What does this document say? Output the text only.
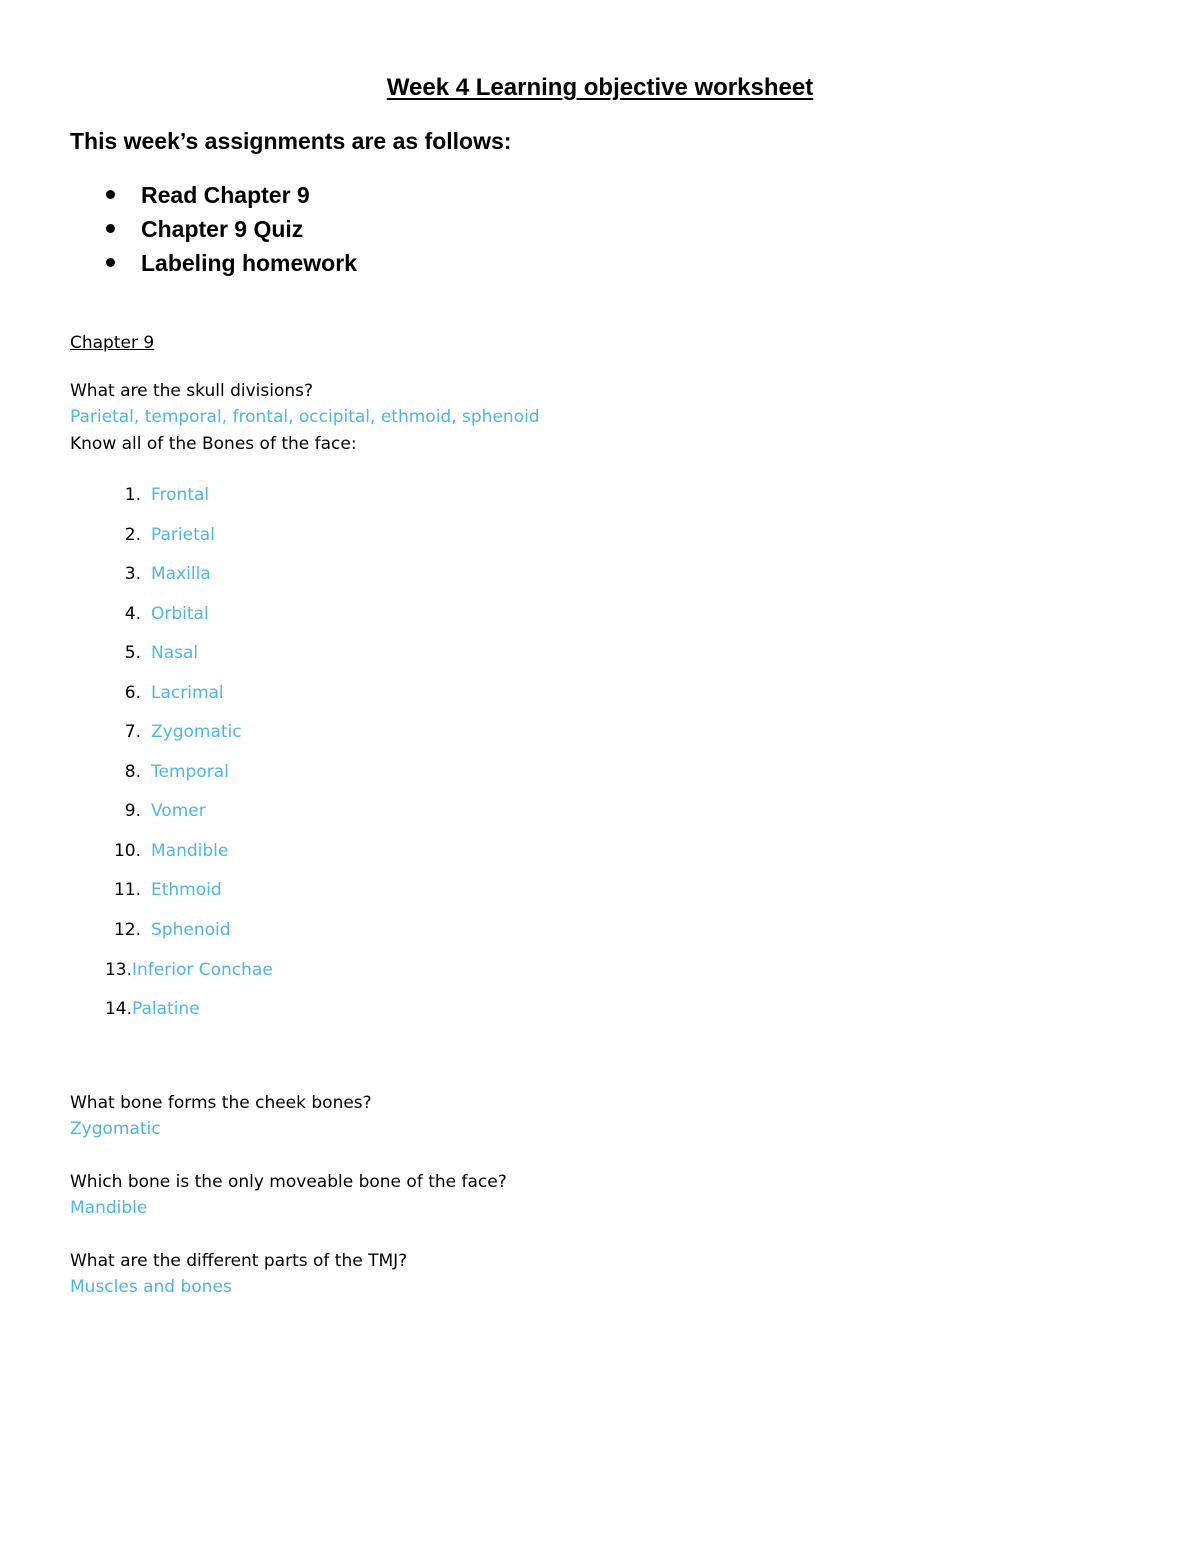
Week 4 Learning objective worksheet

This week’s assignments are as follows:

Read Chapter 9
Chapter 9 Quiz
Labeling homework

Chapter 9

What are the skull divisions?

Parietal, temporal, frontal, occipital, ethmoid, sphenoid

Know all of the Bones of the face:

1. Frontal
2. Parietal
3. Maxilla
4. Orbital
5. Nasal
6. Lacrimal
7. Zygomatic
8. Temporal
9. Vomer
10. Mandible
11. Ethmoid
12. Sphenoid
13.Inferior Conchae
14.Palatine

What bone forms the cheek bones?

Zygomatic

Which bone is the only moveable bone of the face?

Mandible

What are the different parts of the TMJ?

Muscles and bones
